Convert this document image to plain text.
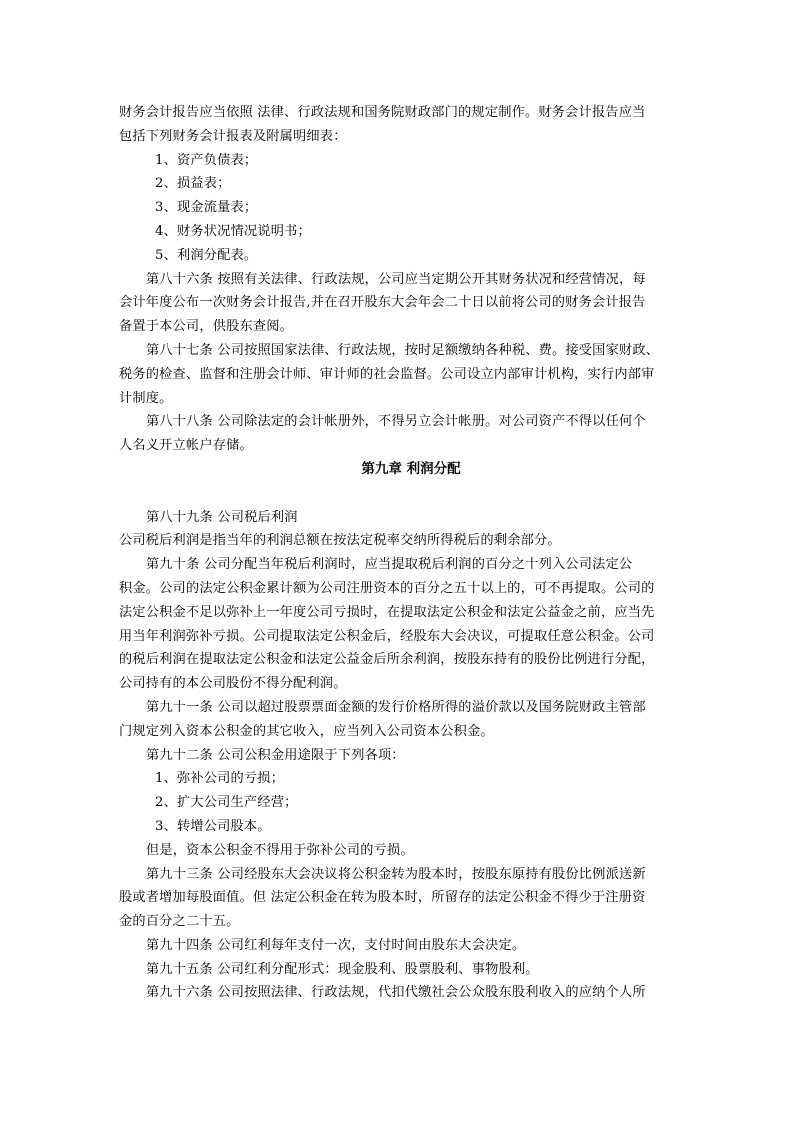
财务会计报告应当依照 法律、行政法规和国务院财政部门的规定制作。财务会计报告应当
包括下列财务会计报表及附属明细表：
1、资产负债表；
2、损益表；
3、现金流量表；
4、财务状况情况说明书；
5、利润分配表。
第八十六条 按照有关法律、行政法规，公司应当定期公开其财务状况和经营情况，每
会计年度公布一次财务会计报告,并在召开股东大会年会二十日以前将公司的财务会计报告
备置于本公司，供股东查阅。
第八十七条 公司按照国家法律、行政法规，按时足额缴纳各种税、费。接受国家财政、
税务的检查、监督和注册会计师、审计师的社会监督。公司设立内部审计机构，实行内部审
计制度。
第八十八条 公司除法定的会计帐册外，不得另立会计帐册。对公司资产不得以任何个
人名义开立帐户存储。
第九章 利润分配
第八十九条 公司税后利润
公司税后利润是指当年的利润总额在按法定税率交纳所得税后的剩余部分。
第九十条 公司分配当年税后利润时，应当提取税后利润的百分之十列入公司法定公
积金。公司的法定公积金累计额为公司注册资本的百分之五十以上的，可不再提取。公司的
法定公积金不足以弥补上一年度公司亏损时，在提取法定公积金和法定公益金之前，应当先
用当年利润弥补亏损。公司提取法定公积金后，经股东大会决议，可提取任意公积金。公司
的税后利润在提取法定公积金和法定公益金后所余利润，按股东持有的股份比例进行分配，
公司持有的本公司股份不得分配利润。
第九十一条 公司以超过股票票面金额的发行价格所得的溢价款以及国务院财政主管部
门规定列入资本公积金的其它收入，应当列入公司资本公积金。
第九十二条 公司公积金用途限于下列各项：
1、弥补公司的亏损；
2、扩大公司生产经营；
3、转增公司股本。
但是，资本公积金不得用于弥补公司的亏损。
第九十三条 公司经股东大会决议将公积金转为股本时，按股东原持有股份比例派送新
股或者增加每股面值。但 法定公积金在转为股本时，所留存的法定公积金不得少于注册资
金的百分之二十五。
第九十四条 公司红利每年支付一次，支付时间由股东大会决定。
第九十五条 公司红利分配形式：现金股利、股票股利、事物股利。
第九十六条 公司按照法律、行政法规，代扣代缴社会公众股东股利收入的应纳个人所
